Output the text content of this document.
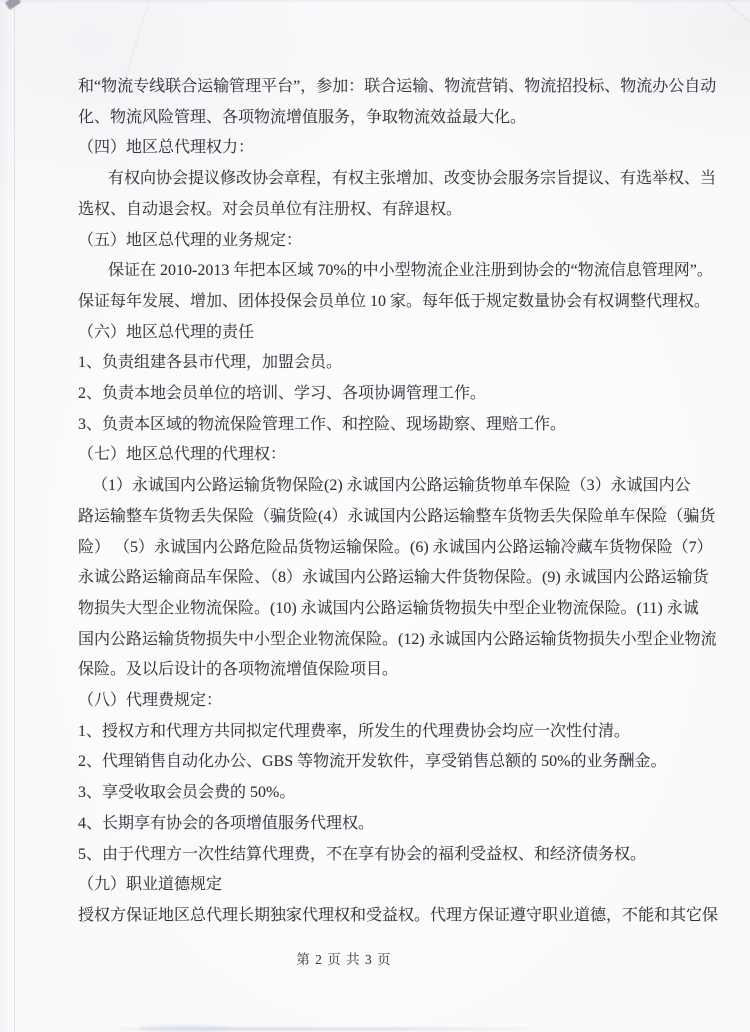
和“物流专线联合运输管理平台”，参加：联合运输、物流营销、物流招投标、物流办公自动
化、物流风险管理、各项物流增值服务，争取物流效益最大化。
（四）地区总代理权力：
有权向协会提议修改协会章程，有权主张增加、改变协会服务宗旨提议、有选举权、当
选权、自动退会权。对会员单位有注册权、有辞退权。
（五）地区总代理的业务规定：
保证在 2010-2013 年把本区域 70%的中小型物流企业注册到协会的“物流信息管理网”。
保证每年发展、增加、团体投保会员单位 10 家。每年低于规定数量协会有权调整代理权。
（六）地区总代理的责任
1、负责组建各县市代理，加盟会员。
2、负责本地会员单位的培训、学习、各项协调管理工作。
3、负责本区域的物流保险管理工作、和控险、现场勘察、理赔工作。
（七）地区总代理的代理权：
（1）永诚国内公路运输货物保险(2) 永诚国内公路运输货物单车保险（3）永诚国内公
路运输整车货物丢失保险（骗货险(4）永诚国内公路运输整车货物丢失保险单车保险（骗货
险） （5）永诚国内公路危险品货物运输保险。(6) 永诚国内公路运输冷藏车货物保险（7）
永诚公路运输商品车保险、（8）永诚国内公路运输大件货物保险。(9) 永诚国内公路运输货
物损失大型企业物流保险。(10) 永诚国内公路运输货物损失中型企业物流保险。(11) 永诚
国内公路运输货物损失中小型企业物流保险。(12) 永诚国内公路运输货物损失小型企业物流
保险。及以后设计的各项物流增值保险项目。
（八）代理费规定：
1、授权方和代理方共同拟定代理费率，所发生的代理费协会均应一次性付清。
2、代理销售自动化办公、GBS 等物流开发软件，享受销售总额的 50%的业务酬金。
3、享受收取会员会费的 50%。
4、长期享有协会的各项增值服务代理权。
5、由于代理方一次性结算代理费，不在享有协会的福利受益权、和经济债务权。
（九）职业道德规定
授权方保证地区总代理长期独家代理权和受益权。代理方保证遵守职业道德，不能和其它保
第 2 页 共 3 页
